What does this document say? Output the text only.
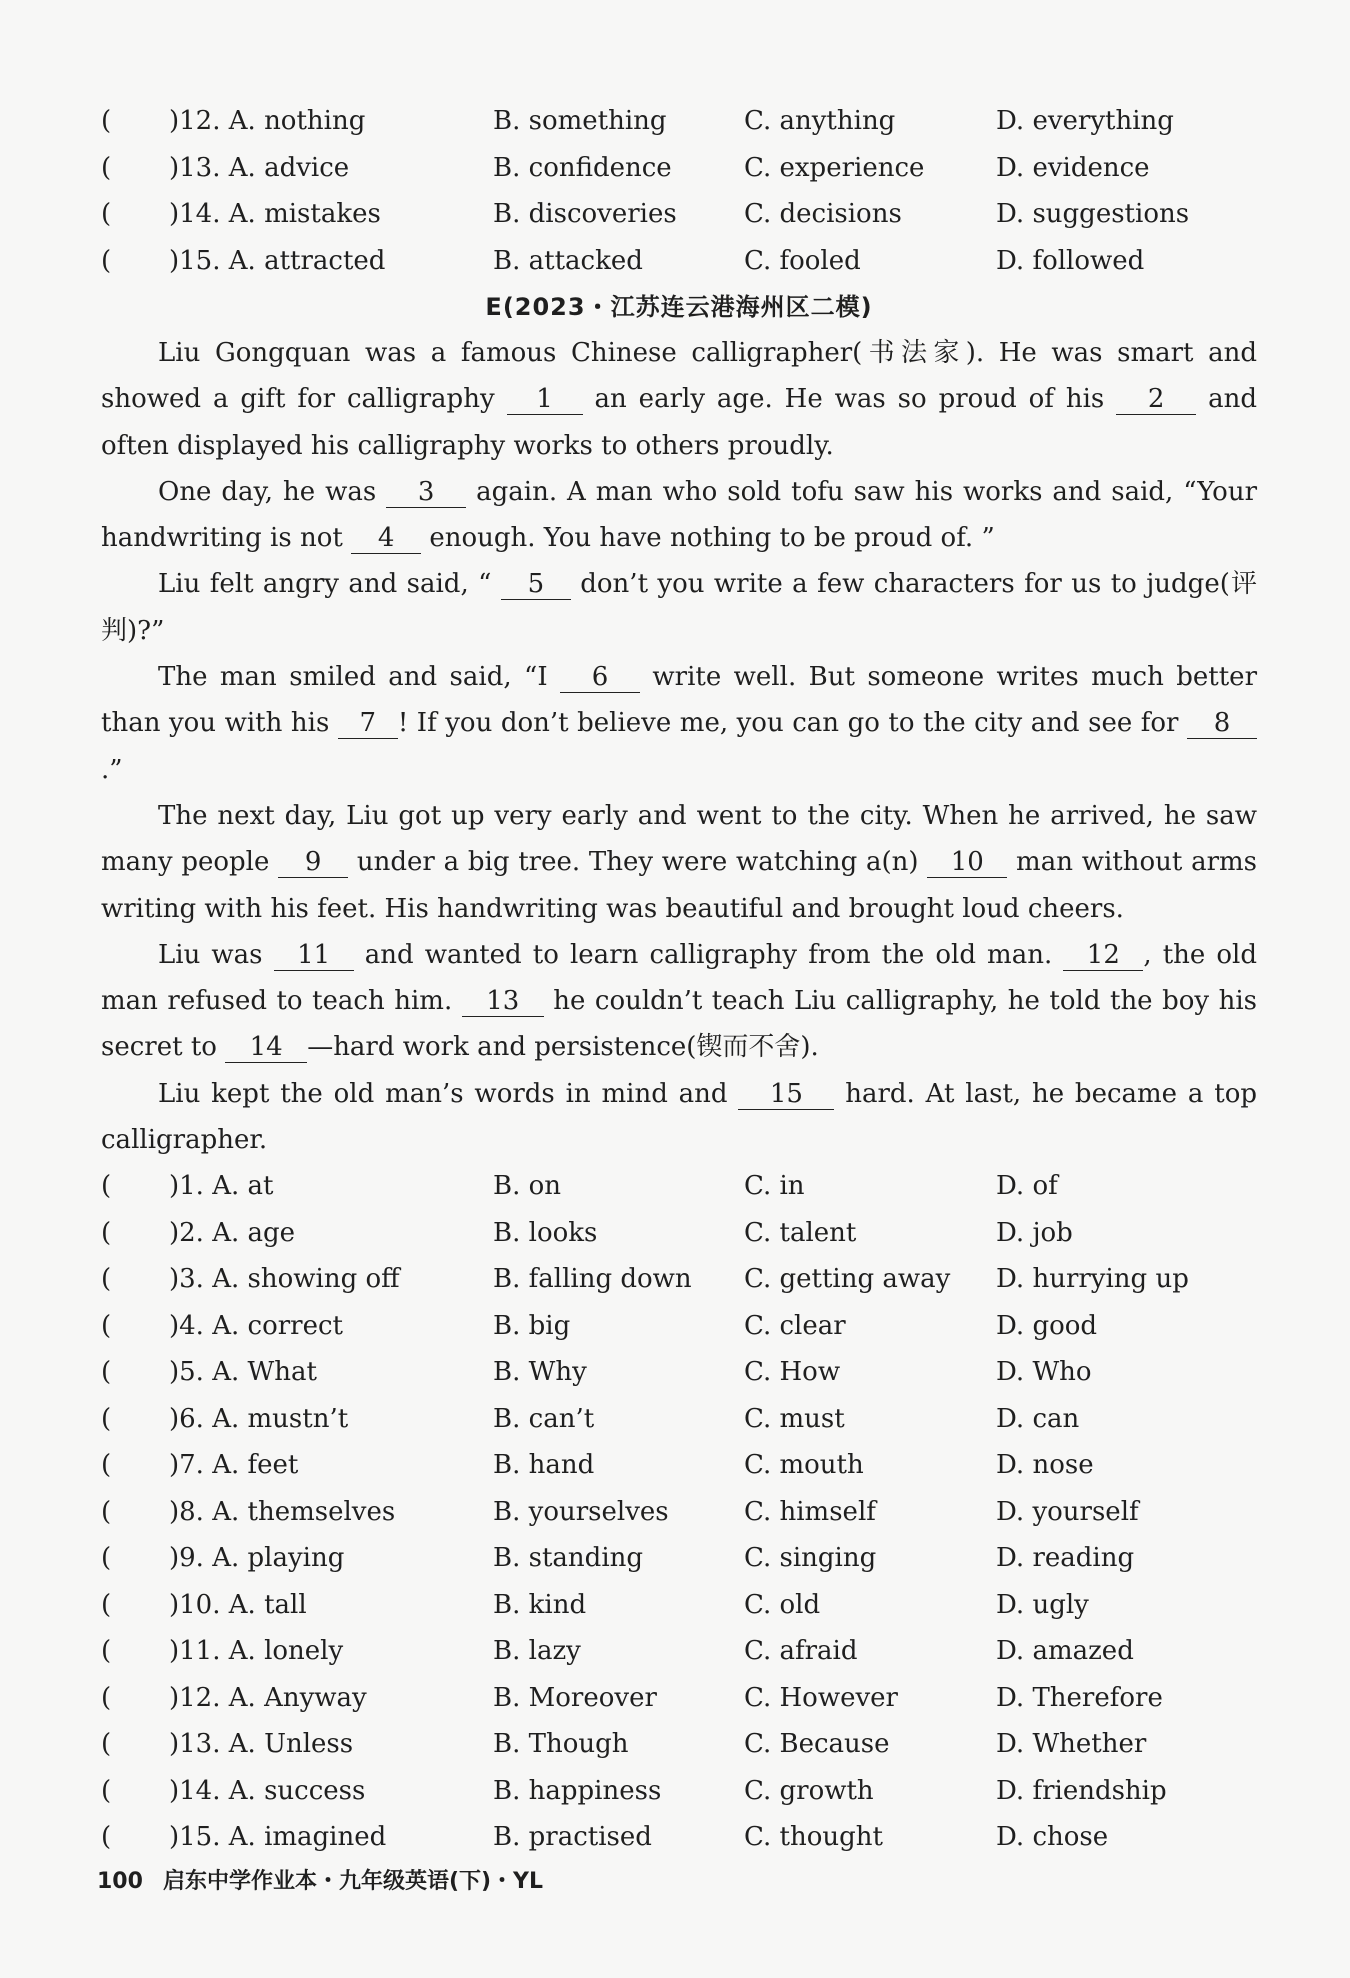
( )12. A. nothing	B. something	C. anything	D. everything
( )13. A. advice	B. confidence	C. experience	D. evidence
( )14. A. mistakes	B. discoveries	C. decisions	D. suggestions
( )15. A. attracted	B. attacked	C. fooled	D. followed
E(2023・江苏连云港海州区二模)

Liu Gongquan was a famous Chinese calligrapher(书法家). He was smart and showed a gift for calligraphy 1 an early age. He was so proud of his 2 and often displayed his calligraphy works to others proudly.

One day, he was 3 again. A man who sold tofu saw his works and said, “Your handwriting is not 4 enough. You have nothing to be proud of. ”

Liu felt angry and said, “ 5 don’t you write a few characters for us to judge(评判)?”

The man smiled and said, “I 6 write well. But someone writes much better than you with his 7 ! If you don’t believe me, you can go to the city and see for 8.”

The next day, Liu got up very early and went to the city. When he arrived, he saw many people 9 under a big tree. They were watching a(n) 10 man without arms writing with his feet. His handwriting was beautiful and brought loud cheers.

Liu was 11 and wanted to learn calligraphy from the old man. 12 , the old man refused to teach him. 13 he couldn’t teach Liu calligraphy, he told the boy his secret to 14 —hard work and persistence(锲而不舍).

Liu kept the old man’s words in mind and 15 hard. At last, he became a top calligrapher.

( )1. A. at	B. on	C. in	D. of
( )2. A. age	B. looks	C. talent	D. job
( )3. A. showing off	B. falling down C. getting away D. hurrying up
( )4. A. correct	B. big	C. clear	D. good
( )5. A. What	B. Why	C. How	D. Who
( )6. A. mustn’t	B. can’t	C. must	D. can
( )7. A. feet	B. hand	C. mouth	D. nose
( )8. A. themselves	B. yourselves	C. himself	D. yourself
( )9. A. playing	B. standing	C. singing	D. reading
( )10. A. tall	B. kind	C. old	D. ugly
( )11. A. lonely	B. lazy	C. afraid	D. amazed
( )12. A. Anyway	B. Moreover	C. However	D. Therefore
( )13. A. Unless	B. Though	C. Because	D. Whether
( )14. A. success	B. happiness	C. growth	D. friendship
( )15. A. imagined	B. practised	C. thought	D. chose
100 启东中学作业本・九年级英语(下)・YL
